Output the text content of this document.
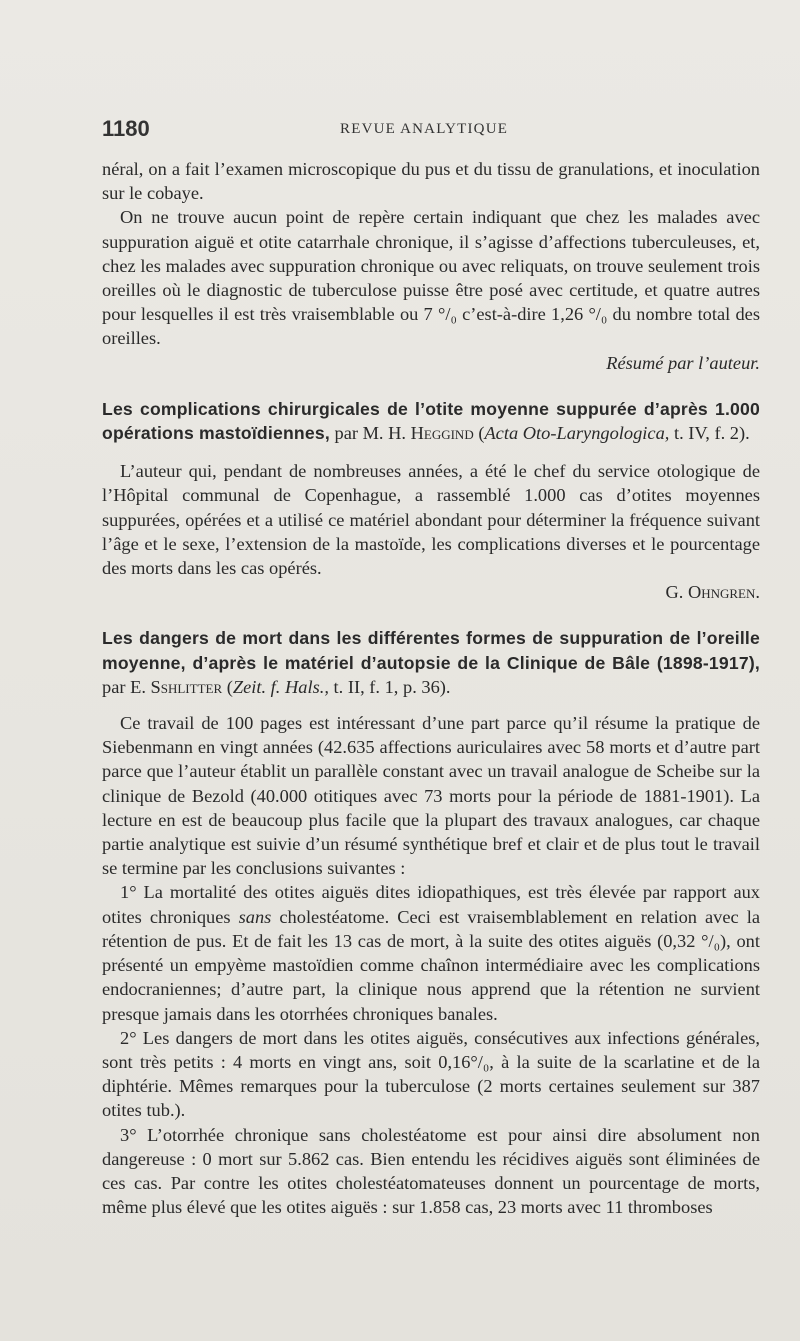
1180	REVUE ANALYTIQUE

néral, on a fait l’examen microscopique du pus et du tissu de granulations, et inoculation sur le cobaye.

On ne trouve aucun point de repère certain indiquant que chez les malades avec suppuration aiguë et otite catarrhale chronique, il s’agisse d’affections tuberculeuses, et, chez les malades avec suppuration chronique ou avec reliquats, on trouve seulement trois oreilles où le diagnostic de tuberculose puisse être posé avec certitude, et quatre autres pour lesquelles il est très vraisemblable ou 7 °/₀ c’est-à-dire 1,26 °/₀ du nombre total des oreilles.
Résumé par l’auteur.

Les complications chirurgicales de l’otite moyenne suppurée d’après 1.000 opérations mastoïdiennes, par M. H. Heggind (Acta Oto-Laryngologica, t. IV, f. 2).

L’auteur qui, pendant de nombreuses années, a été le chef du service otologique de l’Hôpital communal de Copenhague, a rassemblé 1.000 cas d’otites moyennes suppurées, opérées et a utilisé ce matériel abondant pour déterminer la fréquence suivant l’âge et le sexe, l’extension de la mastoïde, les complications diverses et le pourcentage des morts dans les cas opérés.
G. Ohngren.

Les dangers de mort dans les différentes formes de suppuration de l’oreille moyenne, d’après le matériel d’autopsie de la Clinique de Bâle (1898-1917), par E. Sshlitter (Zeit. f. Hals., t. II, f. 1, p. 36).

Ce travail de 100 pages est intéressant d’une part parce qu’il résume la pratique de Siebenmann en vingt années (42.635 affections auriculaires avec 58 morts et d’autre part parce que l’auteur établit un parallèle constant avec un travail analogue de Scheibe sur la clinique de Bezold (40.000 otitiques avec 73 morts pour la période de 1881-1901). La lecture en est de beaucoup plus facile que la plupart des travaux analogues, car chaque partie analytique est suivie d’un résumé synthétique bref et clair et de plus tout le travail se termine par les conclusions suivantes :

1° La mortalité des otites aiguës dites idiopathiques, est très élevée par rapport aux otites chroniques sans cholestéatome. Ceci est vraisemblablement en relation avec la rétention de pus. Et de fait les 13 cas de mort, à la suite des otites aiguës (0,32 °/₀), ont présenté un empyème mastoïdien comme chaînon intermédiaire avec les complications endocraniennes; d’autre part, la clinique nous apprend que la rétention ne survient presque jamais dans les otorrhées chroniques banales.

2° Les dangers de mort dans les otites aiguës, consécutives aux infections générales, sont très petits : 4 morts en vingt ans, soit 0,16°/₀, à la suite de la scarlatine et de la diphtérie. Mêmes remarques pour la tuberculose (2 morts certaines seulement sur 387 otites tub.).

3° L’otorrhée chronique sans cholestéatome est pour ainsi dire absolument non dangereuse : 0 mort sur 5.862 cas. Bien entendu les récidives aiguës sont éliminées de ces cas. Par contre les otites cholestéatomateuses donnent un pourcentage de morts, même plus élevé que les otites aiguës : sur 1.858 cas, 23 morts avec 11 thromboses
